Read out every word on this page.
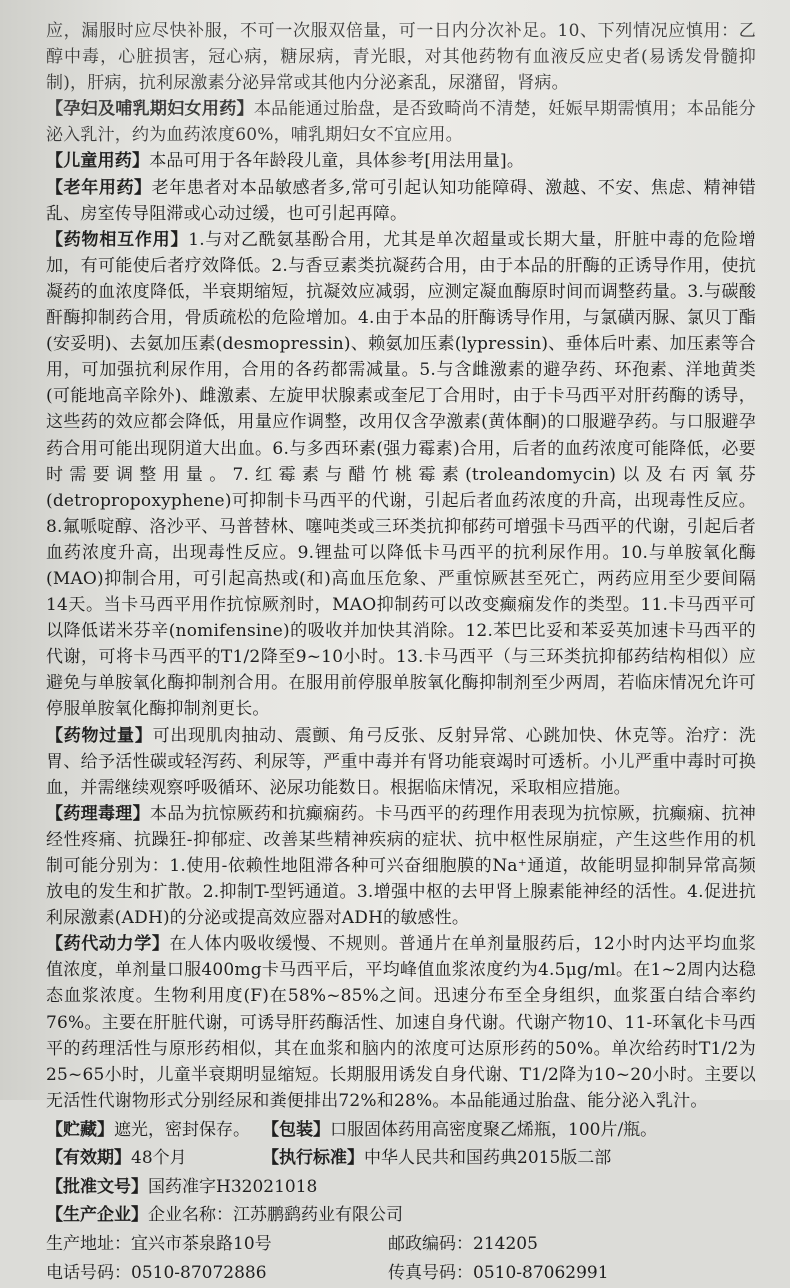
应，漏服时应尽快补服，不可一次服双倍量，可一日内分次补足。10、下列情况应慎用：乙醇中毒，心脏损害，冠心病，糖尿病，青光眼，对其他药物有血液反应史者(易诱发骨髓抑制)，肝病，抗利尿激素分泌异常或其他内分泌紊乱，尿潴留，肾病。

【孕妇及哺乳期妇女用药】本品能通过胎盘，是否致畸尚不清楚，妊娠早期需慎用；本品能分泌入乳汁，约为血药浓度60%，哺乳期妇女不宜应用。

【儿童用药】本品可用于各年龄段儿童，具体参考[用法用量]。

【老年用药】老年患者对本品敏感者多,常可引起认知功能障碍、激越、不安、焦虑、精神错乱、房室传导阻滞或心动过缓，也可引起再障。

【药物相互作用】1.与对乙酰氨基酚合用，尤其是单次超量或长期大量，肝脏中毒的危险增加，有可能使后者疗效降低。2.与香豆素类抗凝药合用，由于本品的肝酶的正诱导作用，使抗凝药的血浓度降低，半衰期缩短，抗凝效应减弱，应测定凝血酶原时间而调整药量。3.与碳酸酐酶抑制药合用，骨质疏松的危险增加。4.由于本品的肝酶诱导作用，与氯磺丙脲、氯贝丁酯(安妥明)、去氨加压素(desmopressin)、赖氨加压素(lypressin)、垂体后叶素、加压素等合用，可加强抗利尿作用，合用的各药都需减量。5.与含雌激素的避孕药、环孢素、洋地黄类(可能地高辛除外)、雌激素、左旋甲状腺素或奎尼丁合用时，由于卡马西平对肝药酶的诱导，这些药的效应都会降低，用量应作调整，改用仅含孕激素(黄体酮)的口服避孕药。与口服避孕药合用可能出现阴道大出血。6.与多西环素(强力霉素)合用，后者的血药浓度可能降低，必要时需要调整用量。7.红霉素与醋竹桃霉素(troleandomycin)以及右丙氧芬(detropropoxyphene)可抑制卡马西平的代谢，引起后者血药浓度的升高，出现毒性反应。8.氟哌啶醇、洛沙平、马普替林、噻吨类或三环类抗抑郁药可增强卡马西平的代谢，引起后者血药浓度升高，出现毒性反应。9.锂盐可以降低卡马西平的抗利尿作用。10.与单胺氧化酶(MAO)抑制合用，可引起高热或(和)高血压危象、严重惊厥甚至死亡，两药应用至少要间隔14天。当卡马西平用作抗惊厥剂时，MAO抑制药可以改变癫痫发作的类型。11.卡马西平可以降低诺米芬辛(nomifensine)的吸收并加快其消除。12.苯巴比妥和苯妥英加速卡马西平的代谢，可将卡马西平的T1/2降至9~10小时。13.卡马西平（与三环类抗抑郁药结构相似）应避免与单胺氧化酶抑制剂合用。在服用前停服单胺氧化酶抑制剂至少两周，若临床情况允许可停服单胺氧化酶抑制剂更长。

【药物过量】可出现肌肉抽动、震颤、角弓反张、反射异常、心跳加快、休克等。治疗：洗胃、给予活性碳或轻泻药、利尿等，严重中毒并有肾功能衰竭时可透析。小儿严重中毒时可换血，并需继续观察呼吸循环、泌尿功能数日。根据临床情况，采取相应措施。

【药理毒理】本品为抗惊厥药和抗癫痫药。卡马西平的药理作用表现为抗惊厥，抗癫痫、抗神经性疼痛、抗躁狂-抑郁症、改善某些精神疾病的症状、抗中枢性尿崩症，产生这些作用的机制可能分别为：1.使用-依赖性地阻滞各种可兴奋细胞膜的Na⁺通道，故能明显抑制异常高频放电的发生和扩散。2.抑制T-型钙通道。3.增强中枢的去甲肾上腺素能神经的活性。4.促进抗利尿激素(ADH)的分泌或提高效应器对ADH的敏感性。

【药代动力学】在人体内吸收缓慢、不规则。普通片在单剂量服药后，12小时内达平均血浆值浓度，单剂量口服400mg卡马西平后，平均峰值血浆浓度约为4.5μg/ml。在1~2周内达稳态血浆浓度。生物利用度(F)在58%~85%之间。迅速分布至全身组织，血浆蛋白结合率约76%。主要在肝脏代谢，可诱导肝药酶活性、加速自身代谢。代谢产物10、11-环氧化卡马西平的药理活性与原形药相似，其在血浆和脑内的浓度可达原形药的50%。单次给药时T1/2为25~65小时，儿童半衰期明显缩短。长期服用诱发自身代谢、T1/2降为10~20小时。主要以无活性代谢物形式分别经尿和粪便排出72%和28%。本品能通过胎盘、能分泌入乳汁。

【贮藏】遮光，密封保存。 【包装】口服固体药用高密度聚乙烯瓶，100片/瓶。
【有效期】48个月	【执行标准】中华人民共和国药典2015版二部
【批准文号】国药准字H32021018
【生产企业】企业名称：江苏鹏鹞药业有限公司
生产地址：宜兴市茶泉路10号	邮政编码：214205
电话号码：0510-87072886	传真号码：0510-87062991
